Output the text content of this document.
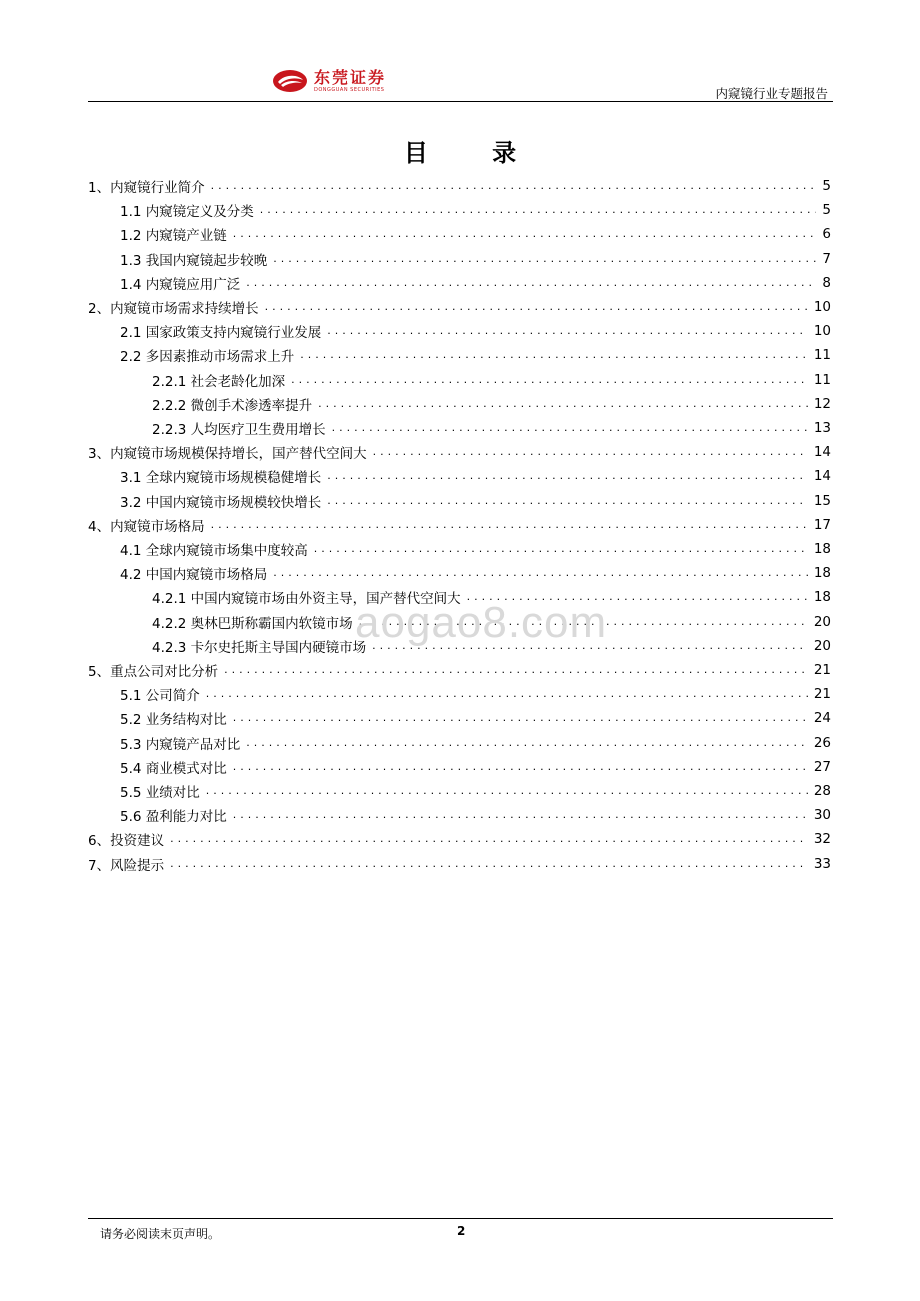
东莞证券
DONGGUAN SECURITIES	内窥镜行业专题报告
目 录
1、内窥镜行业简介 .....	5
1.1 内窥镜定义及分类 .....	5
1.2 内窥镜产业链 .....	6
1.3 我国内窥镜起步较晚 .....	7
1.4 内窥镜应用广泛 .....	8
2、内窥镜市场需求持续增长 .....	10
2.1 国家政策支持内窥镜行业发展 .....	10
2.2 多因素推动市场需求上升 .....	11
2.2.1 社会老龄化加深 .....	11
2.2.2 微创手术渗透率提升 .....	12
2.2.3 人均医疗卫生费用增长 .....	13
3、内窥镜市场规模保持增长，国产替代空间大 .....	14
3.1 全球内窥镜市场规模稳健增长 .....	14
3.2 中国内窥镜市场规模较快增长 .....	15
4、内窥镜市场格局 .....	17
4.1 全球内窥镜市场集中度较高 .....	18
4.2 中国内窥镜市场格局 .....	18
4.2.1 中国内窥镜市场由外资主导，国产替代空间大 .....	18
4.2.2 奥林巴斯称霸国内软镜市场 .....	20
4.2.3 卡尔史托斯主导国内硬镜市场 .....	20
5、重点公司对比分析 .....	21
5.1 公司简介 .....	21
5.2 业务结构对比 .....	24
5.3 内窥镜产品对比 .....	26
5.4 商业模式对比 .....	27
5.5 业绩对比 .....	28
5.6 盈利能力对比 .....	30
6、投资建议 .....	32
7、风险提示 .....	33
aogao8.com
请务必阅读末页声明。	2
